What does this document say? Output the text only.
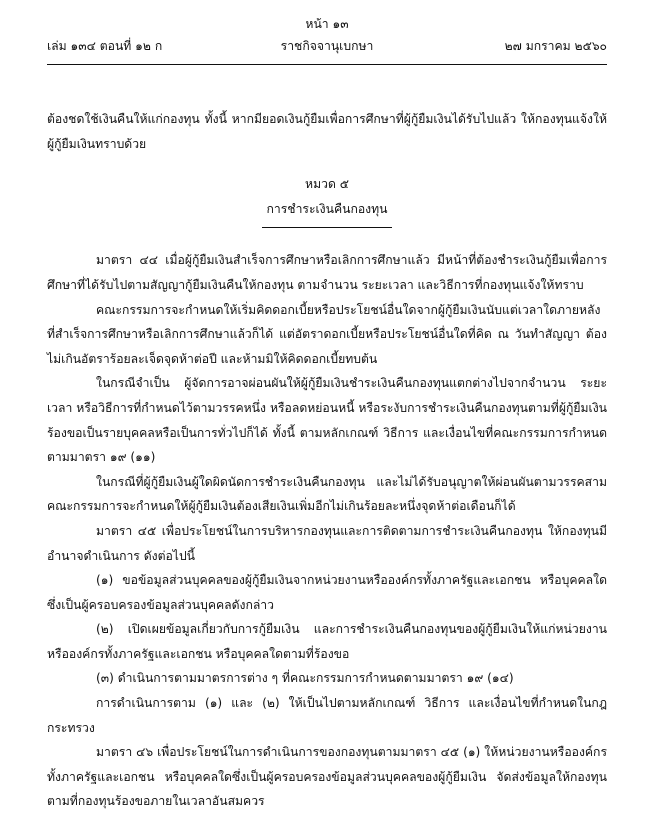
หน้า ๑๓
เล่ม ๑๓๔ ตอนที่ ๑๒ ก	ราชกิจจานุเบกษา	๒๗ มกราคม ๒๕๖๐

ต้องชดใช้เงินคืนให้แก่กองทุน ทั้งนี้ หากมียอดเงินกู้ยืมเพื่อการศึกษาที่ผู้กู้ยืมเงินได้รับไปแล้ว ให้กองทุนแจ้งให้ผู้กู้ยืมเงินทราบด้วย

หมวด ๕

การชำระเงินคืนกองทุน

มาตรา ๔๔ เมื่อผู้กู้ยืมเงินสำเร็จการศึกษาหรือเลิกการศึกษาแล้ว มีหน้าที่ต้องชำระเงินกู้ยืมเพื่อการศึกษาที่ได้รับไปตามสัญญากู้ยืมเงินคืนให้กองทุน ตามจำนวน ระยะเวลา และวิธีการที่กองทุนแจ้งให้ทราบ

คณะกรรมการจะกำหนดให้เริ่มคิดดอกเบี้ยหรือประโยชน์อื่นใดจากผู้กู้ยืมเงินนับแต่เวลาใดภายหลังที่สำเร็จการศึกษาหรือเลิกการศึกษาแล้วก็ได้ แต่อัตราดอกเบี้ยหรือประโยชน์อื่นใดที่คิด ณ วันทำสัญญา ต้องไม่เกินอัตราร้อยละเจ็ดจุดห้าต่อปี และห้ามมิให้คิดดอกเบี้ยทบต้น

ในกรณีจำเป็น ผู้จัดการอาจผ่อนผันให้ผู้กู้ยืมเงินชำระเงินคืนกองทุนแตกต่างไปจากจำนวน ระยะเวลา หรือวิธีการที่กำหนดไว้ตามวรรคหนึ่ง หรือลดหย่อนหนี้ หรือระงับการชำระเงินคืนกองทุนตามที่ผู้กู้ยืมเงินร้องขอเป็นรายบุคคลหรือเป็นการทั่วไปก็ได้ ทั้งนี้ ตามหลักเกณฑ์ วิธีการ และเงื่อนไขที่คณะกรรมการกำหนดตามมาตรา ๑๙ (๑๑)

ในกรณีที่ผู้กู้ยืมเงินผู้ใดผิดนัดการชำระเงินคืนกองทุน และไม่ได้รับอนุญาตให้ผ่อนผันตามวรรคสาม คณะกรรมการจะกำหนดให้ผู้กู้ยืมเงินต้องเสียเงินเพิ่มอีกไม่เกินร้อยละหนึ่งจุดห้าต่อเดือนก็ได้

มาตรา ๔๕ เพื่อประโยชน์ในการบริหารกองทุนและการติดตามการชำระเงินคืนกองทุน ให้กองทุนมีอำนาจดำเนินการ ดังต่อไปนี้

(๑) ขอข้อมูลส่วนบุคคลของผู้กู้ยืมเงินจากหน่วยงานหรือองค์กรทั้งภาครัฐและเอกชน หรือบุคคลใดซึ่งเป็นผู้ครอบครองข้อมูลส่วนบุคคลดังกล่าว

(๒) เปิดเผยข้อมูลเกี่ยวกับการกู้ยืมเงิน และการชำระเงินคืนกองทุนของผู้กู้ยืมเงินให้แก่หน่วยงานหรือองค์กรทั้งภาครัฐและเอกชน หรือบุคคลใดตามที่ร้องขอ

(๓) ดำเนินการตามมาตรการต่าง ๆ ที่คณะกรรมการกำหนดตามมาตรา ๑๙ (๑๔)

การดำเนินการตาม (๑) และ (๒) ให้เป็นไปตามหลักเกณฑ์ วิธีการ และเงื่อนไขที่กำหนดในกฎกระทรวง

มาตรา ๔๖ เพื่อประโยชน์ในการดำเนินการของกองทุนตามมาตรา ๔๕ (๑) ให้หน่วยงานหรือองค์กรทั้งภาครัฐและเอกชน หรือบุคคลใดซึ่งเป็นผู้ครอบครองข้อมูลส่วนบุคคลของผู้กู้ยืมเงิน จัดส่งข้อมูลให้กองทุนตามที่กองทุนร้องขอภายในเวลาอันสมควร
